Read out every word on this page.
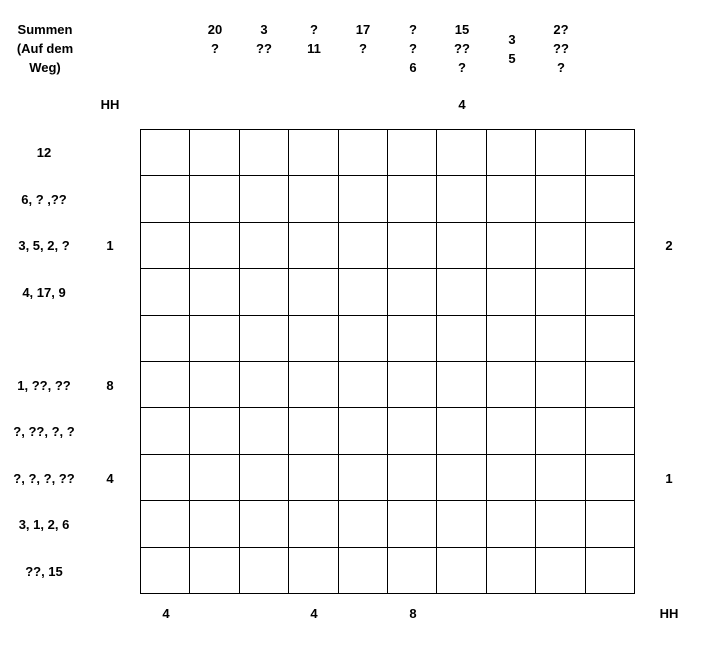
Summen
(Auf dem
Weg)
20
?
3
??
?
11
17
?
?
?
6
15
??
?
3
5
2?
??
?
HH	4
12
6, ? ,??
3, 5, 2, ?
4, 17, 9
1, ??, ??
?, ??, ?, ?
?, ?, ?, ??
3, 1, 2, 6
??, 15
1
8
4
2
1
4	4	8	HH
